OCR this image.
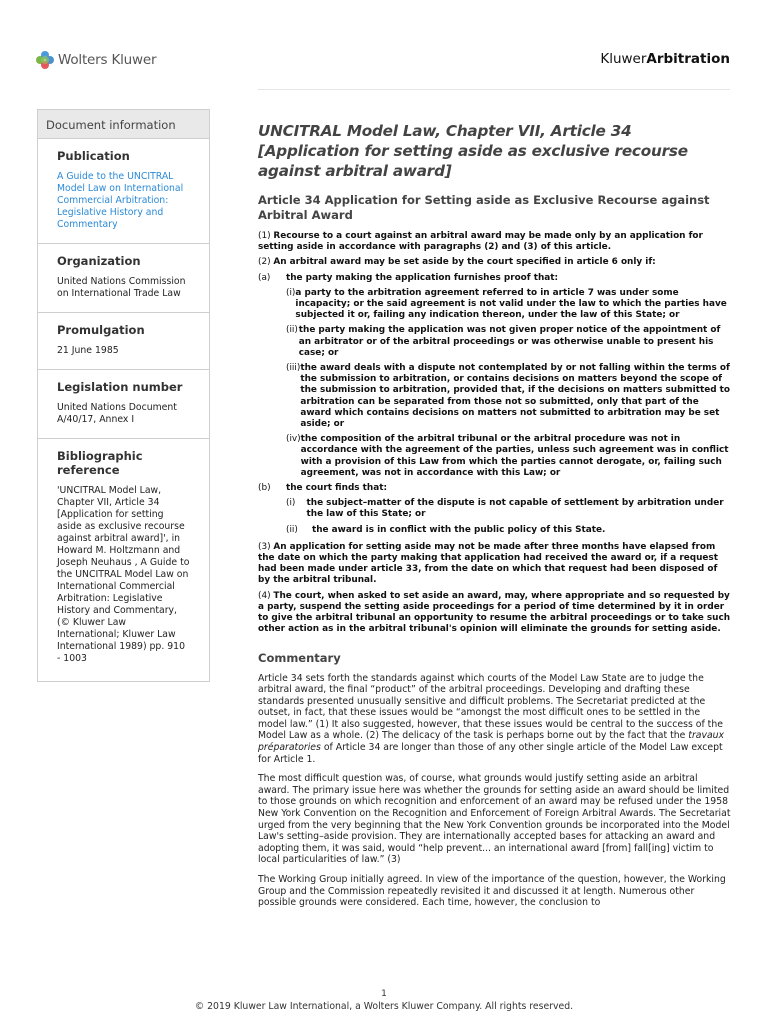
Wolters Kluwer	KluwerArbitration
Document information
Publication
A Guide to the UNCITRAL Model Law on International Commercial Arbitration: Legislative History and Commentary
Organization
United Nations Commission on International Trade Law
Promulgation
21 June 1985
Legislation number
United Nations Document A/40/17, Annex I
Bibliographic reference
'UNCITRAL Model Law, Chapter VII, Article 34 [Application for setting aside as exclusive recourse against arbitral award]', in Howard M. Holtzmann and Joseph Neuhaus , A Guide to the UNCITRAL Model Law on International Commercial Arbitration: Legislative History and Commentary, (© Kluwer Law International; Kluwer Law International 1989) pp. 910 - 1003
UNCITRAL Model Law, Chapter VII, Article 34 [Application for setting aside as exclusive recourse against arbitral award]
Article 34 Application for Setting aside as Exclusive Recourse against Arbitral Award

(1) Recourse to a court against an arbitral award may be made only by an application for setting aside in accordance with paragraphs (2) and (3) of this article.

(2) An arbitral award may be set aside by the court specified in article 6 only if:

(a)	the party making the application furnishes proof that:
(i) a party to the arbitration agreement referred to in article 7 was under some incapacity; or the said agreement is not valid under the law to which the parties have subjected it or, failing any indication thereon, under the law of this State; or
(ii) the party making the application was not given proper notice of the appointment of an arbitrator or of the arbitral proceedings or was otherwise unable to present his case; or
(iii) the award deals with a dispute not contemplated by or not falling within the terms of the submission to arbitration, or contains decisions on matters beyond the scope of the submission to arbitration, provided that, if the decisions on matters submitted to arbitration can be separated from those not so submitted, only that part of the award which contains decisions on matters not submitted to arbitration may be set aside; or
(iv) the composition of the arbitral tribunal or the arbitral procedure was not in accordance with the agreement of the parties, unless such agreement was in conflict with a provision of this Law from which the parties cannot derogate, or, failing such agreement, was not in accordance with this Law; or
(b)	the court finds that:
(i)	the subject–matter of the dispute is not capable of settlement by arbitration under the law of this State; or
(ii)	the award is in conflict with the public policy of this State.

(3) An application for setting aside may not be made after three months have elapsed from the date on which the party making that application had received the award or, if a request had been made under article 33, from the date on which that request had been disposed of by the arbitral tribunal.

(4) The court, when asked to set aside an award, may, where appropriate and so requested by a party, suspend the setting aside proceedings for a period of time determined by it in order to give the arbitral tribunal an opportunity to resume the arbitral proceedings or to take such other action as in the arbitral tribunal's opinion will eliminate the grounds for setting aside.

Commentary

Article 34 sets forth the standards against which courts of the Model Law State are to judge the arbitral award, the final “product” of the arbitral proceedings. Developing and drafting these standards presented unusually sensitive and difficult problems. The Secretariat predicted at the outset, in fact, that these issues would be “amongst the most difficult ones to be settled in the model law.” (1) It also suggested, however, that these issues would be central to the success of the Model Law as a whole. (2) The delicacy of the task is perhaps borne out by the fact that the travaux préparatories of Article 34 are longer than those of any other single article of the Model Law except for Article 1.

The most difficult question was, of course, what grounds would justify setting aside an arbitral award. The primary issue here was whether the grounds for setting aside an award should be limited to those grounds on which recognition and enforcement of an award may be refused under the 1958 New York Convention on the Recognition and Enforcement of Foreign Arbitral Awards. The Secretariat urged from the very beginning that the New York Convention grounds be incorporated into the Model Law's setting–aside provision. They are internationally accepted bases for attacking an award and adopting them, it was said, would “help prevent... an international award [from] fall[ing] victim to local particularities of law.” (3)

The Working Group initially agreed. In view of the importance of the question, however, the Working Group and the Commission repeatedly revisited it and discussed it at length. Numerous other possible grounds were considered. Each time, however, the conclusion to

1
© 2019 Kluwer Law International, a Wolters Kluwer Company. All rights reserved.
